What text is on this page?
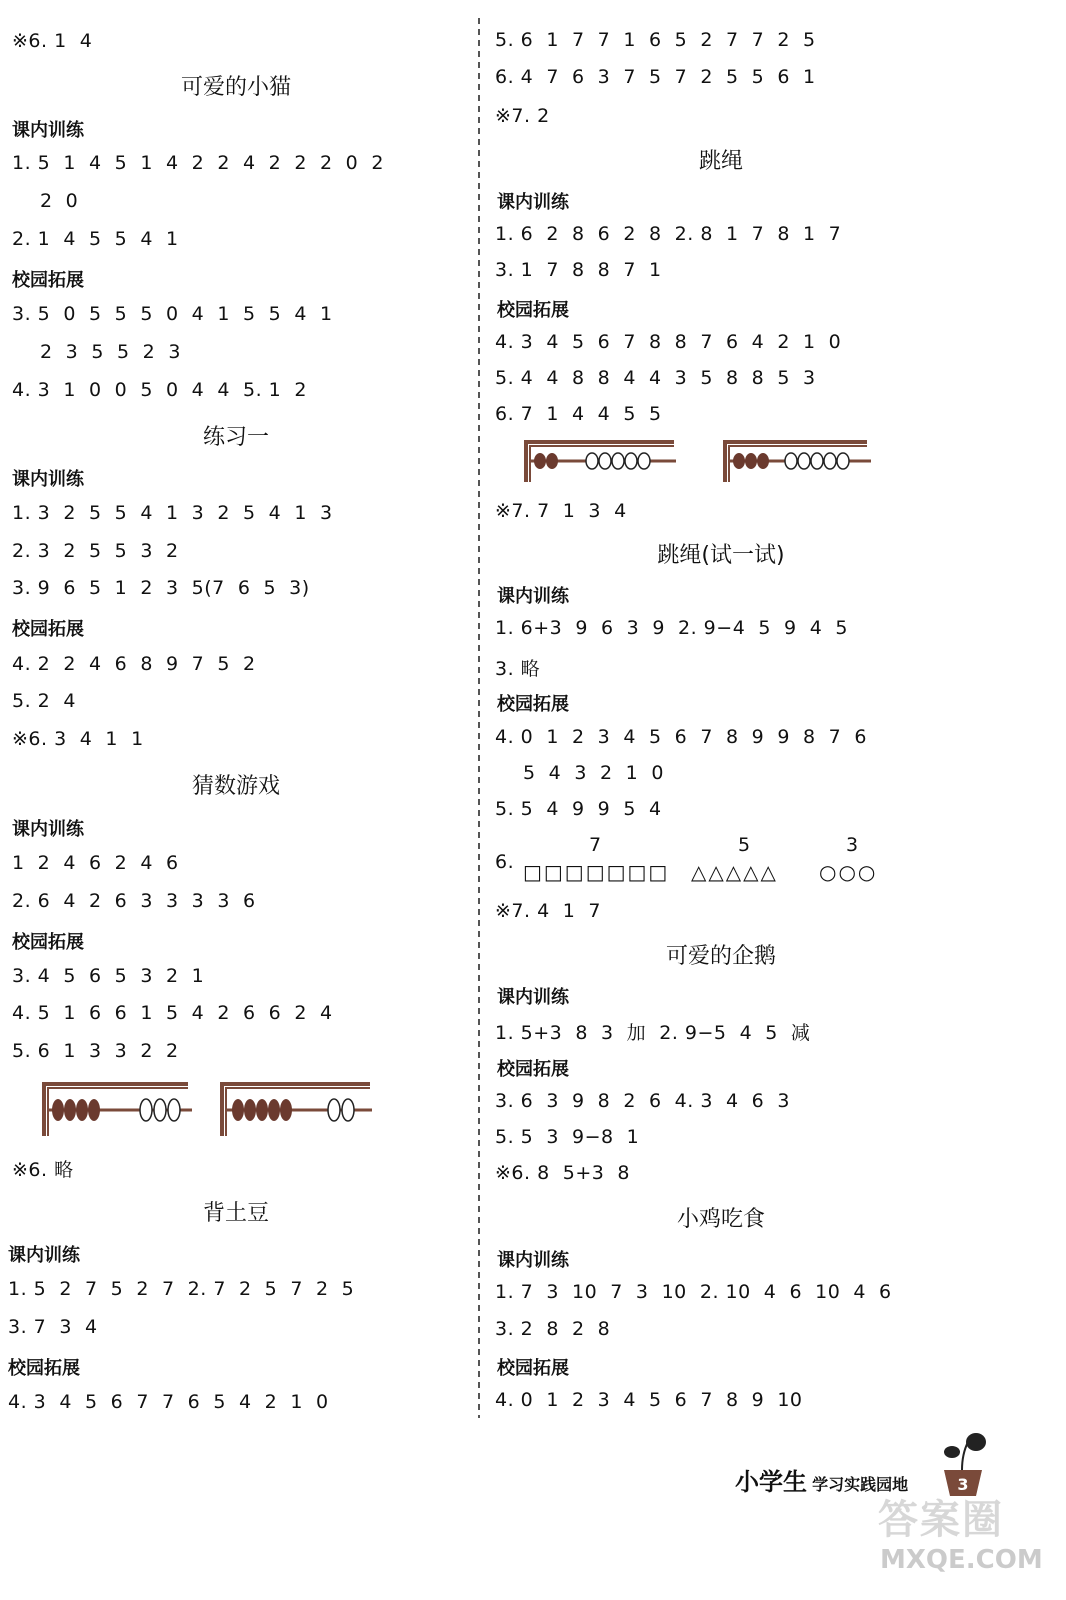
※6. 1  4
可爱的小猫
课内训练
1. 5  1  4  5  1  4  2  2  4  2  2  2  0  2
2  0
2. 1  4  5  5  4  1
校园拓展
3. 5  0  5  5  5  0  4  1  5  5  4  1
2  3  5  5  2  3
4. 3  1  0  0  5  0  4  4  5. 1  2
练习一
课内训练
1. 3  2  5  5  4  1  3  2  5  4  1  3
2. 3  2  5  5  3  2
3. 9  6  5  1  2  3  5(7  6  5  3)
校园拓展
4. 2  2  4  6  8  9  7  5  2
5. 2  4
※6. 3  4  1  1
猜数游戏
课内训练
1  2  4  6  2  4  6
2. 6  4  2  6  3  3  3  3  6
校园拓展
3. 4  5  6  5  3  2  1
4. 5  1  6  6  1  5  4  2  6  6  2  4
5. 6  1  3  3  2  2
※6. 略
背土豆
课内训练
1. 5  2  7  5  2  7  2. 7  2  5  7  2  5
3. 7  3  4
校园拓展
4. 3  4  5  6  7  7  6  5  4  2  1  0
5. 6  1  7  7  1  6  5  2  7  7  2  5
6. 4  7  6  3  7  5  7  2  5  5  6  1
※7. 2
跳绳
课内训练
1. 6  2  8  6  2  8  2. 8  1  7  8  1  7
3. 1  7  8  8  7  1
校园拓展
4. 3  4  5  6  7  8  8  7  6  4  2  1  0
5. 4  4  8  8  4  4  3  5  8  8  5  3
6. 7  1  4  4  5  5
※7. 7  1  3  4
跳绳(试一试)
课内训练
1. 6+3  9  6  3  9  2. 9−4  5  9  4  5
3. 略
校园拓展
4. 0  1  2  3  4  5  6  7  8  9  9  8  7  6
5  4  3  2  1  0
5. 5  4  9  9  5  4
6.
7	5	3
□□□□□□□ △△△△△ ○○○
※7. 4  1  7
可爱的企鹅
课内训练
1. 5+3  8  3  加  2. 9−5  4  5  减
校园拓展
3. 6  3  9  8  2  6  4. 3  4  6  3
5. 5  3  9−8  1
※6. 8  5+3  8
小鸡吃食
课内训练
1. 7  3  10  7  3  10  2. 10  4  6  10  4  6
3. 2  8  2  8
校园拓展
4. 0  1  2  3  4  5  6  7  8  9  10
小学生 学习实践园地	3
答案圈
MXQE.COM
